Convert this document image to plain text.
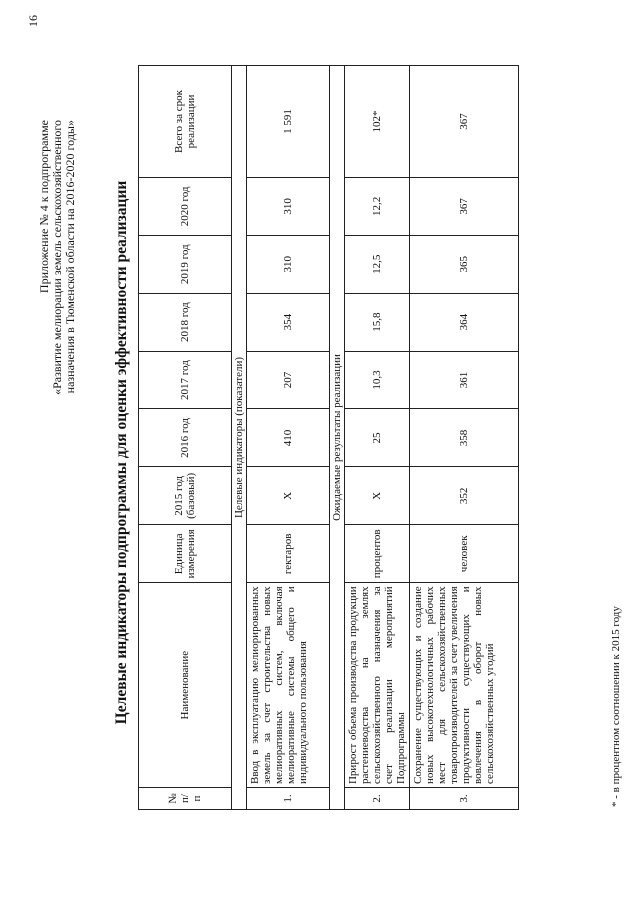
16
Приложение № 4 к подпрограмме «Развитие мелиорации земель сельскохозяйственного назначения в Тюменской области на 2016-2020 годы» Целевые индикаторы подпрограммы для оценки эффективности реализации
№ п/ п	Наименование	Единица измерения	2015 год (базовый)	2016 год	2017 год	2018 год	2019 год	2020 год	Всего за срок реализации
Целевые индикаторы (показатели)									
1.	Ввод в эксплуатацию мелиорированных земель за счет строительства новых мелиоративных систем, включая мелиоративные системы общего и индивидуального пользования	гектаров	Х	410	207	354	310	310	1 591
Ожидаемые результаты реализации									
2.	Прирост объема производства продукции растениеводства на землях сельскохозяйственного назначения за счет реализации мероприятий Подпрограммы	процентов	Х	25	10,3	15,8	12,5	12,2	102*
3.	Сохранение существующих и создание новых высокотехнологичных рабочих мест для сельскохозяйственных товаропроизводителей за счет увеличения продуктивности существующих и вовлечения в оборот новых сельскохозяйственных угодий	человек	352	358	361	364	365	367	367
* - в процентном соотношении к 2015 году
